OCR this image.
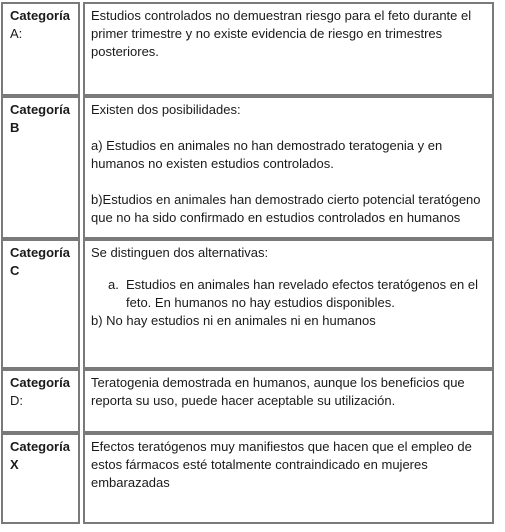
Categoría
A:

Estudios controlados no demuestran riesgo para el feto durante el primer trimestre y no existe evidencia de riesgo en trimestres posteriores.

Categoría
B

Existen dos posibilidades:

a) Estudios en animales no han demostrado teratogenia y en humanos no existen estudios controlados.

b)Estudios en animales han demostrado cierto potencial teratógeno que no ha sido confirmado en estudios controlados en humanos

Categoría
C

Se distinguen dos alternativas:

a. Estudios en animales han revelado efectos teratógenos en el feto. En humanos no hay estudios disponibles.

b) No hay estudios ni en animales ni en humanos

Categoría
D:

Teratogenia demostrada en humanos, aunque los beneficios que reporta su uso, puede hacer aceptable su utilización.

Categoría
X

Efectos teratógenos muy manifiestos que hacen que el empleo de estos fármacos esté totalmente contraindicado en mujeres embarazadas
